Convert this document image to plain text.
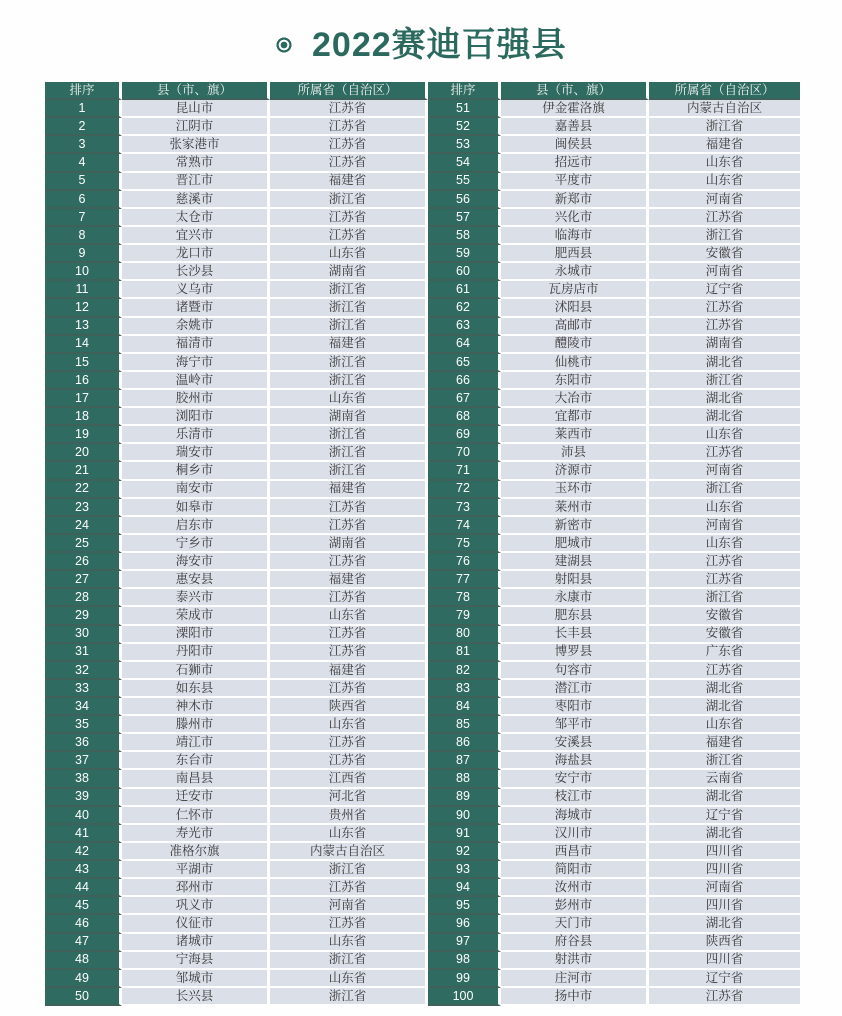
2022赛迪百强县
排序	县（市、旗）	所属省（自治区）	排序	县（市、旗）	所属省（自治区）
1	昆山市	江苏省	51	伊金霍洛旗	内蒙古自治区
2	江阴市	江苏省	52	嘉善县	浙江省
3	张家港市	江苏省	53	闽侯县	福建省
4	常熟市	江苏省	54	招远市	山东省
5	晋江市	福建省	55	平度市	山东省
6	慈溪市	浙江省	56	新郑市	河南省
7	太仓市	江苏省	57	兴化市	江苏省
8	宜兴市	江苏省	58	临海市	浙江省
9	龙口市	山东省	59	肥西县	安徽省
10	长沙县	湖南省	60	永城市	河南省
11	义乌市	浙江省	61	瓦房店市	辽宁省
12	诸暨市	浙江省	62	沭阳县	江苏省
13	余姚市	浙江省	63	高邮市	江苏省
14	福清市	福建省	64	醴陵市	湖南省
15	海宁市	浙江省	65	仙桃市	湖北省
16	温岭市	浙江省	66	东阳市	浙江省
17	胶州市	山东省	67	大冶市	湖北省
18	浏阳市	湖南省	68	宜都市	湖北省
19	乐清市	浙江省	69	莱西市	山东省
20	瑞安市	浙江省	70	沛县	江苏省
21	桐乡市	浙江省	71	济源市	河南省
22	南安市	福建省	72	玉环市	浙江省
23	如皋市	江苏省	73	莱州市	山东省
24	启东市	江苏省	74	新密市	河南省
25	宁乡市	湖南省	75	肥城市	山东省
26	海安市	江苏省	76	建湖县	江苏省
27	惠安县	福建省	77	射阳县	江苏省
28	泰兴市	江苏省	78	永康市	浙江省
29	荣成市	山东省	79	肥东县	安徽省
30	溧阳市	江苏省	80	长丰县	安徽省
31	丹阳市	江苏省	81	博罗县	广东省
32	石狮市	福建省	82	句容市	江苏省
33	如东县	江苏省	83	潜江市	湖北省
34	神木市	陕西省	84	枣阳市	湖北省
35	滕州市	山东省	85	邹平市	山东省
36	靖江市	江苏省	86	安溪县	福建省
37	东台市	江苏省	87	海盐县	浙江省
38	南昌县	江西省	88	安宁市	云南省
39	迁安市	河北省	89	枝江市	湖北省
40	仁怀市	贵州省	90	海城市	辽宁省
41	寿光市	山东省	91	汉川市	湖北省
42	准格尔旗	内蒙古自治区	92	西昌市	四川省
43	平湖市	浙江省	93	简阳市	四川省
44	邳州市	江苏省	94	汝州市	河南省
45	巩义市	河南省	95	彭州市	四川省
46	仪征市	江苏省	96	天门市	湖北省
47	诸城市	山东省	97	府谷县	陕西省
48	宁海县	浙江省	98	射洪市	四川省
49	邹城市	山东省	99	庄河市	辽宁省
50	长兴县	浙江省	100	扬中市	江苏省
